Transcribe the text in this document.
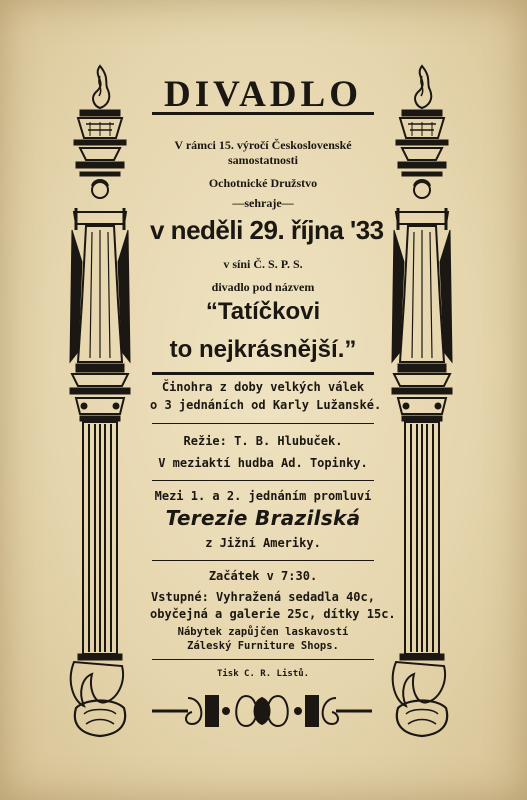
DIVADLO
V rámci 15. výročí Československé
samostatnosti
Ochotnické Družstvo
—sehraje—
v neděli 29. října '33
v síni Č. S. P. S.
divadlo pod názvem
“Tatíčkovi
to nejkrásnější.”
Činohra z doby velkých válek
o 3 jednáních od Karly Lužanské.
Režie: T. B. Hlubuček.
V meziaktí hudba Ad. Topinky.
Mezi 1. a 2. jednáním promluví
Terezie Brazilská
z Jižní Ameriky.
Začátek v 7:30.
Vstupné: Vyhražená sedadla 40c,
obyčejná a galerie 25c, dítky 15c.
Nábytek zapůjčen laskavostí
Záleský Furniture Shops.
Tisk C. R. Listů.
